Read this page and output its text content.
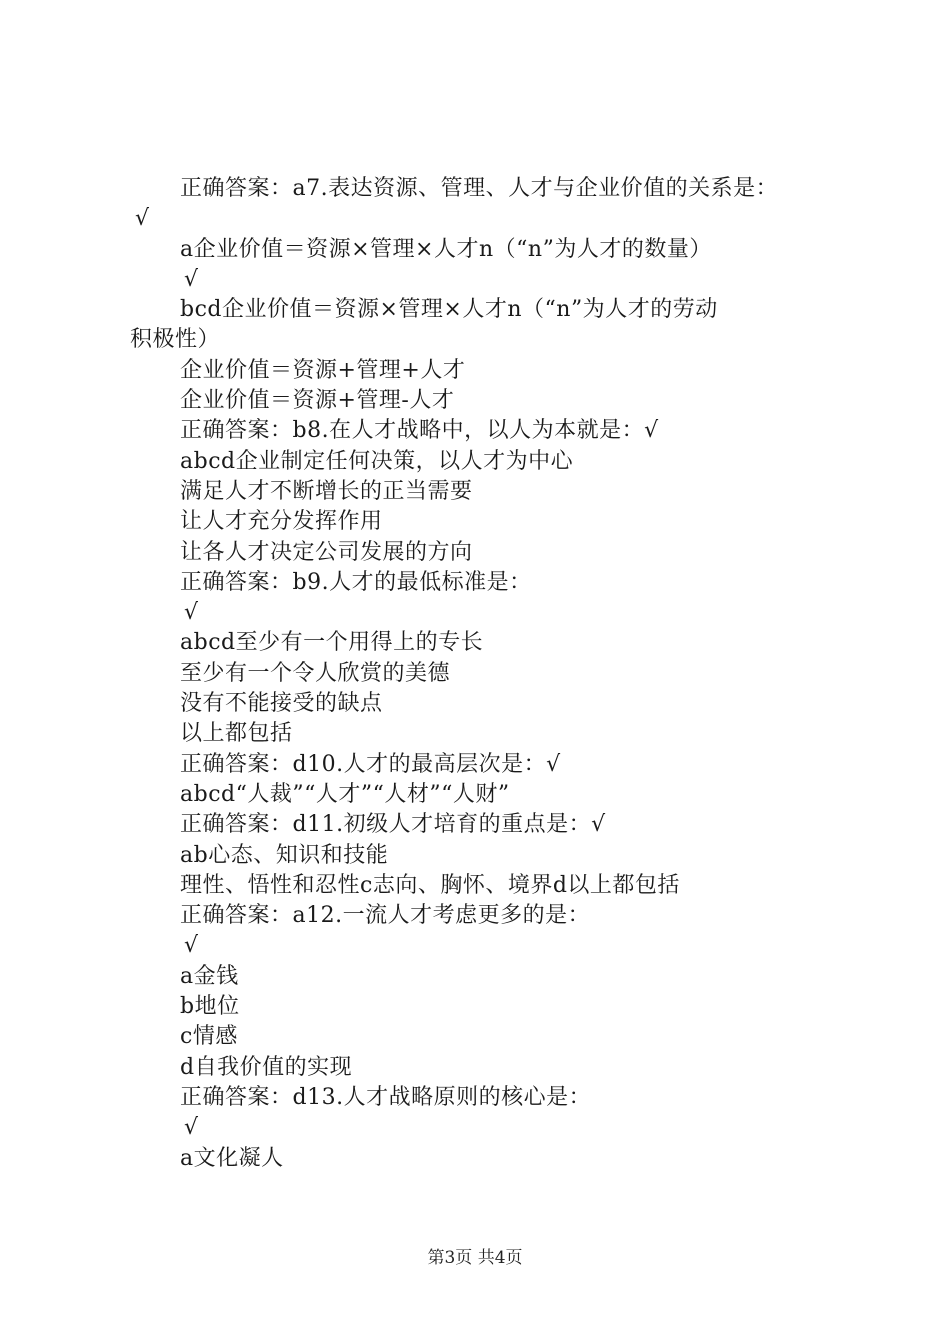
正确答案：a7.表达资源、管理、人才与企业价值的关系是：
√
a企业价值＝资源×管理×人才n（“n”为人才的数量）
√
bcd企业价值＝资源×管理×人才n（“n”为人才的劳动
积极性）
企业价值＝资源+管理+人才
企业价值＝资源+管理-人才
正确答案：b8.在人才战略中，以人为本就是：√
abcd企业制定任何决策，以人才为中心
满足人才不断增长的正当需要
让人才充分发挥作用
让各人才决定公司发展的方向
正确答案：b9.人才的最低标准是：
√
abcd至少有一个用得上的专长
至少有一个令人欣赏的美德
没有不能接受的缺点
以上都包括
正确答案：d10.人才的最高层次是：√
abcd“人裁”“人才”“人材”“人财”
正确答案：d11.初级人才培育的重点是：√
ab心态、知识和技能
理性、悟性和忍性c志向、胸怀、境界d以上都包括
正确答案：a12.一流人才考虑更多的是：
√
a金钱
b地位
c情感
d自我价值的实现
正确答案：d13.人才战略原则的核心是：
√
a文化凝人
第3页 共4页
